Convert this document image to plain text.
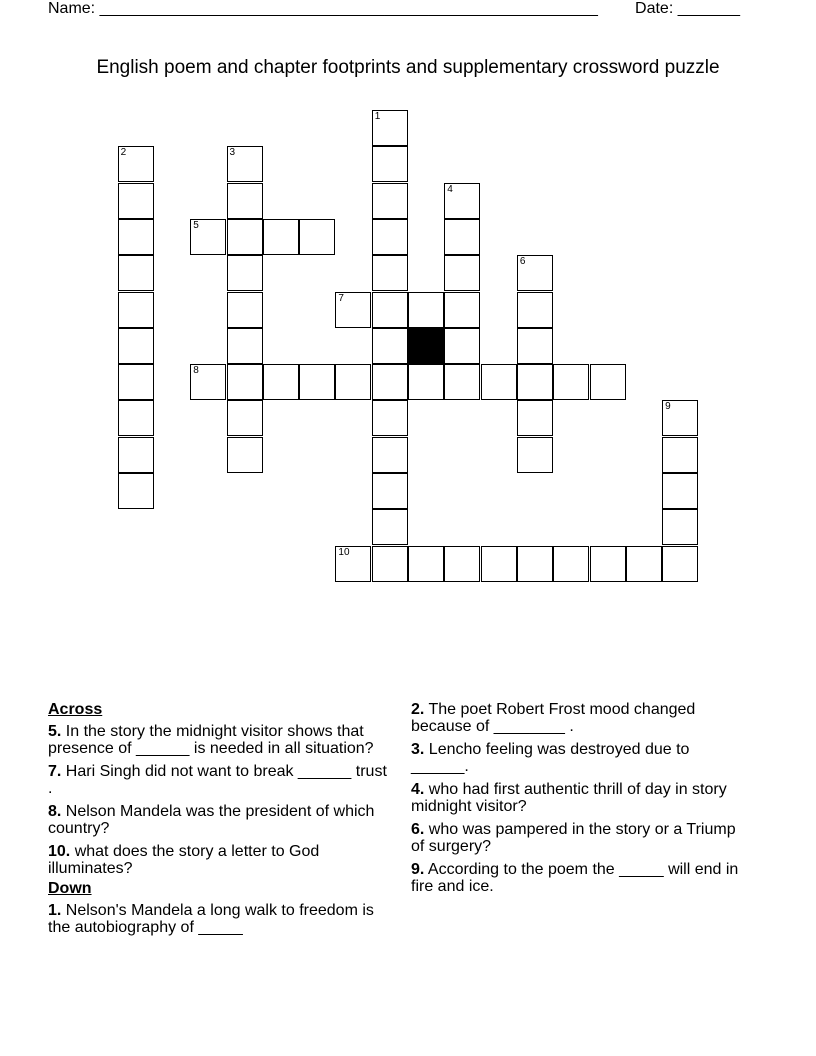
Name: ________________________________________________________ Date: _______
English poem and chapter footprints and supplementary crossword puzzle
1
2	3
4
6
9
5
7
8
10
Across
5. In the story the midnight visitor shows that presence of ______ is needed in all situation?
7. Hari Singh did not want to break ______ trust .
8. Nelson Mandela was the president of which country?
10. what does the story a letter to God illuminates?
Down
1. Nelson's Mandela a long walk to freedom is the autobiography of _____
2. The poet Robert Frost mood changed because of ________ .
3. Lencho feeling was destroyed due to ______.
4. who had first authentic thrill of day in story midnight visitor?
6. who was pampered in the story or a Triump of surgery?
9. According to the poem the _____ will end in fire and ice.
